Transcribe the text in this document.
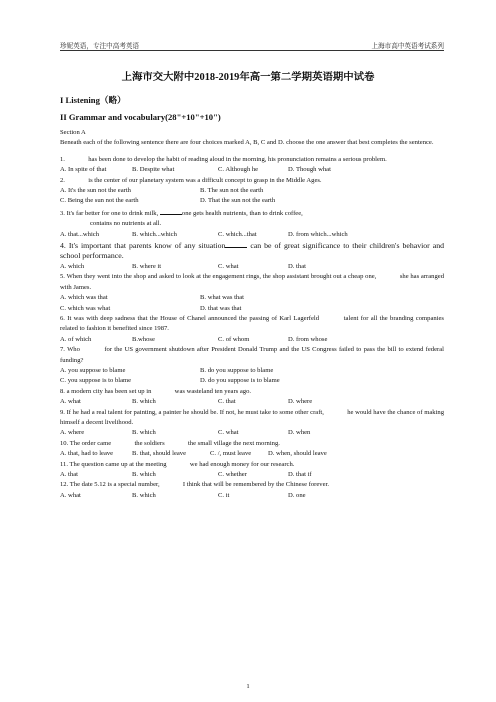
珍妮英语，专注中高考英语	上海市高中英语考试系列
上海市交大附中2018-2019年高一第二学期英语期中试卷
I Listening（略）
II Grammar and vocabulary(28"+10"+10")

Section A

Beneath each of the following sentence there are four choices marked A, B, C and D. choose the one answer that best completes the sentence.

1.	has been done to develop the habit of reading aloud in the morning, his pronunciation remains a serious problem.

A. In spite of that	B. Despite what	C. Although he	D. Though what

2.	is the center of our planetary system was a difficult concept to grasp in the Middle Ages.

A. It's the sun not the earth	B. The sun not the earth
C. Being the sun not the earth	D. That the sun not the earth

3. It's far better for one to drink milk,	one gets health nutrients, than to drink coffee,
contains no nutrients at all.

A. that...which	B. which...which	C. which...that	D. from which...which

4. It's important that parents know of any situation	can be of great significance to their children's behavior and school performance.

A. which	B. where it	C. what	D. that

5. When they went into the shop and asked to look at the engagement rings, the shop assistant brought out a cheap one,	she has arranged with James.

A. which was that	B. what was that
C. which was what	D. that was that

6. It was with deep sadness that the House of Chanel announced the passing of Karl Lagerfeld	talent for all the branding companies related to fashion it benefited since 1987.

A. of which	B.whose	C. of whom	D. from whose

7. Who	for the US government shutdown after President Donald Trump and the US Congress failed to pass the bill to extend federal funding?

A. you suppose to blame	B. do you suppose to blame
C. you suppose is to blame	D. do you suppose is to blame

8. a modern city has been set up in	was wasteland ten years ago.

A. what	B. which	C. that	D. where

9. If he had a real talent for painting, a painter he should be. If not, he must take to some other craft,	he would have the chance of making himself a decent livelihood.

A. where	B. which	C. what	D. when

10. The order came	the soldiers	the small village the next morning.

A. that, had to leave	B. that, should leave	C. /, must leave	D. when, should leave

11. The question came up at the meeting	we had enough money for our research.

A. that	B. which	C. whether	D. that if

12. The date 5.12 is a special number,	I think that will be remembered by the Chinese forever.

A. what	B. which	C. it	D. one
1
